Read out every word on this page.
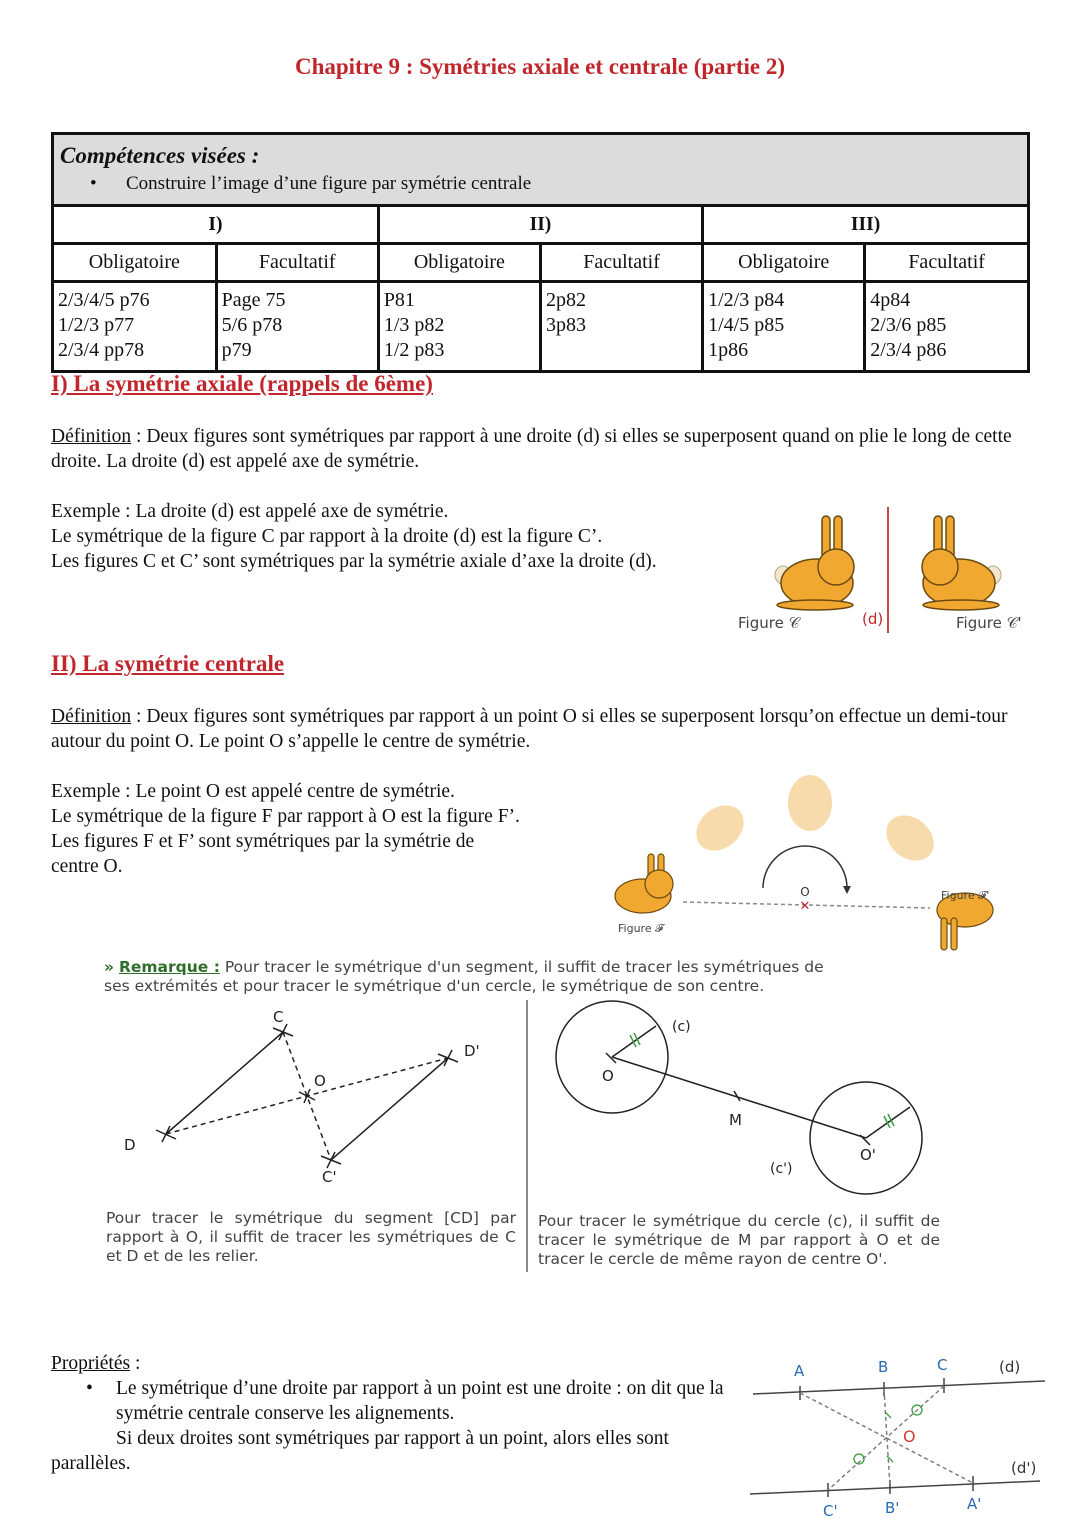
Chapitre 9 : Symétries axiale et centrale (partie 2)
Compétences visées :
• Construire l’image d’une figure par symétrie centrale
I)		II)		III)	
Obligatoire	Facultatif	Obligatoire	Facultatif	Obligatoire	Facultatif

2/3/4/5 p76
1/2/3 p77
2/3/4 pp78

Page 75
5/6 p78
p79

P81
1/3 p82
1/2 p83

2p82
3p83

1/2/3 p84
1/4/5 p85
1p86

4p84
2/3/6 p85
2/3/4 p86
I) La symétrie axiale (rappels de 6ème)
Définition : Deux figures sont symétriques par rapport à une droite (d) si elles se superposent quand on plie le long de cette droite. La droite (d) est appelé axe de symétrie.
Exemple : La droite (d) est appelé axe de symétrie.
Le symétrique de la figure C par rapport à la droite (d) est la figure C’.
Les figures C et C’ sont symétriques par la symétrie axiale d’axe la droite (d).
Figure 𝒞	(d)	Figure 𝒞'
II) La symétrie centrale
Définition : Deux figures sont symétriques par rapport à un point O si elles se superposent lorsqu’on effectue un demi-tour autour du point O. Le point O s’appelle le centre de symétrie.
Exemple : Le point O est appelé centre de symétrie.
Le symétrique de la figure F par rapport à O est la figure F’.
Les figures F et F’ sont symétriques par la symétrie de
centre O.
O
✕
Figure 𝓕
Figure 𝓕'
» Remarque : Pour tracer le symétrique d'un segment, il suffit de tracer les symétriques de ses extrémités et pour tracer le symétrique d'un cercle, le symétrique de son centre.
D
C
O
C'
D'
O
M
O'
(c)
(c')
Pour tracer le symétrique du segment [CD] par rapport à O, il suffit de tracer les symétriques de C et D et de les relier.
Pour tracer le symétrique du cercle (c), il suffit de tracer le symétrique de M par rapport à O et de tracer le cercle de même rayon de centre O'.
Propriétés :
• Le symétrique d’une droite par rapport à un point est une droite : on dit que la symétrie centrale conserve les alignements.
Si deux droites sont symétriques par rapport à un point, alors elles sont
parallèles.
A	B	C
C'	B'	A'
O
(d)
(d')
